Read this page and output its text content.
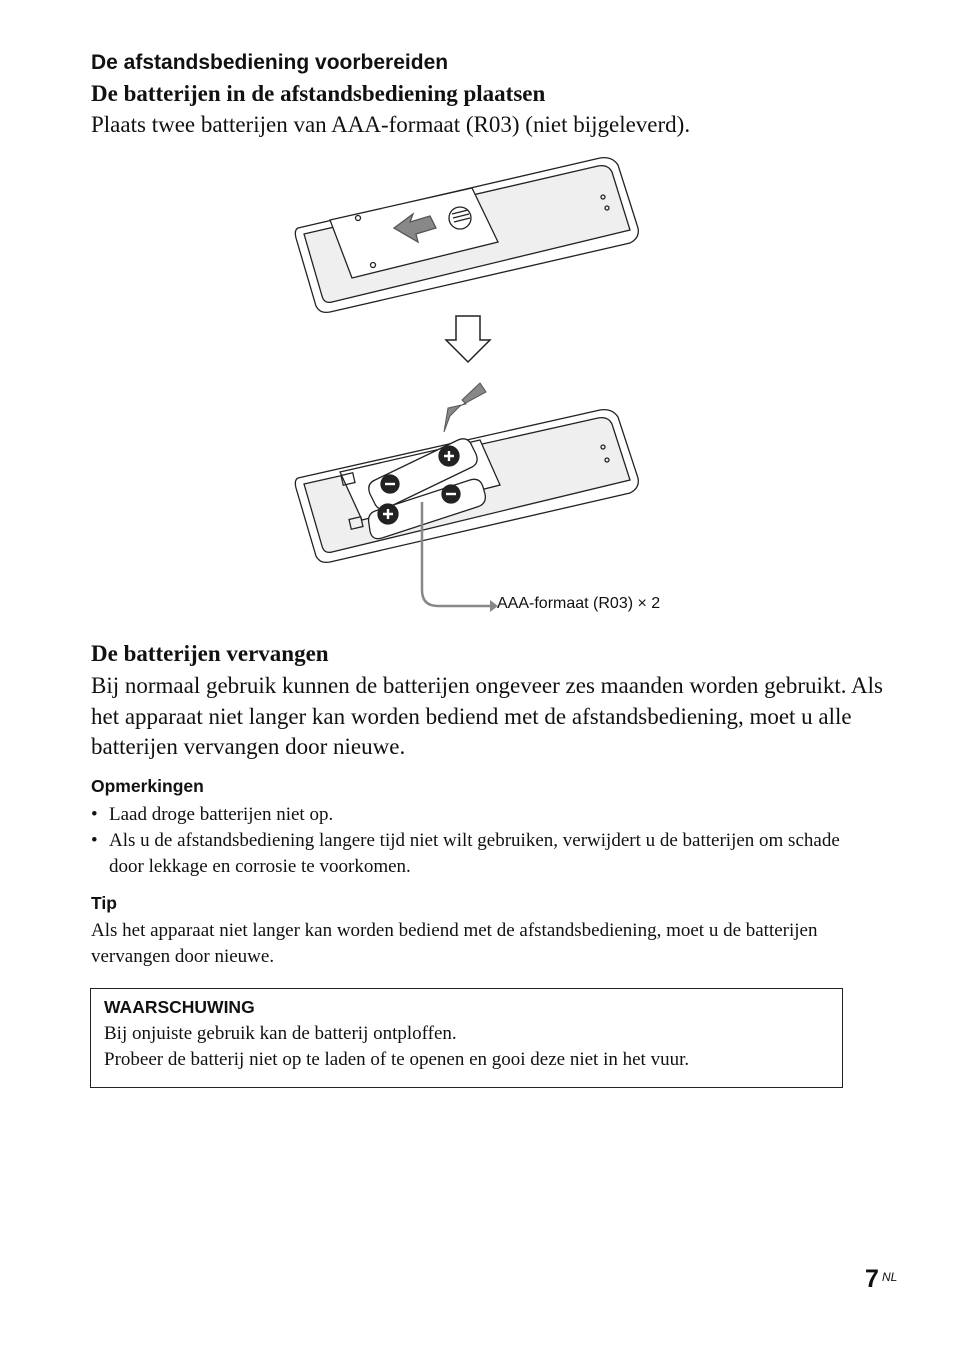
De afstandsbediening voorbereiden
De batterijen in de afstandsbediening plaatsen
Plaats twee batterijen van AAA-formaat (R03) (niet bijgeleverd).
AAA-formaat (R03) × 2
De batterijen vervangen
Bij normaal gebruik kunnen de batterijen ongeveer zes maanden worden gebruikt. Als het apparaat niet langer kan worden bediend met de afstandsbediening, moet u alle batterijen vervangen door nieuwe.
Opmerkingen
• Laad droge batterijen niet op.
• Als u de afstandsbediening langere tijd niet wilt gebruiken, verwijdert u de batterijen om schade door lekkage en corrosie te voorkomen.
Tip
Als het apparaat niet langer kan worden bediend met de afstandsbediening, moet u de batterijen vervangen door nieuwe.
WAARSCHUWING
Bij onjuiste gebruik kan de batterij ontploffen.
Probeer de batterij niet op te laden of te openen en gooi deze niet in het vuur.
7 NL
